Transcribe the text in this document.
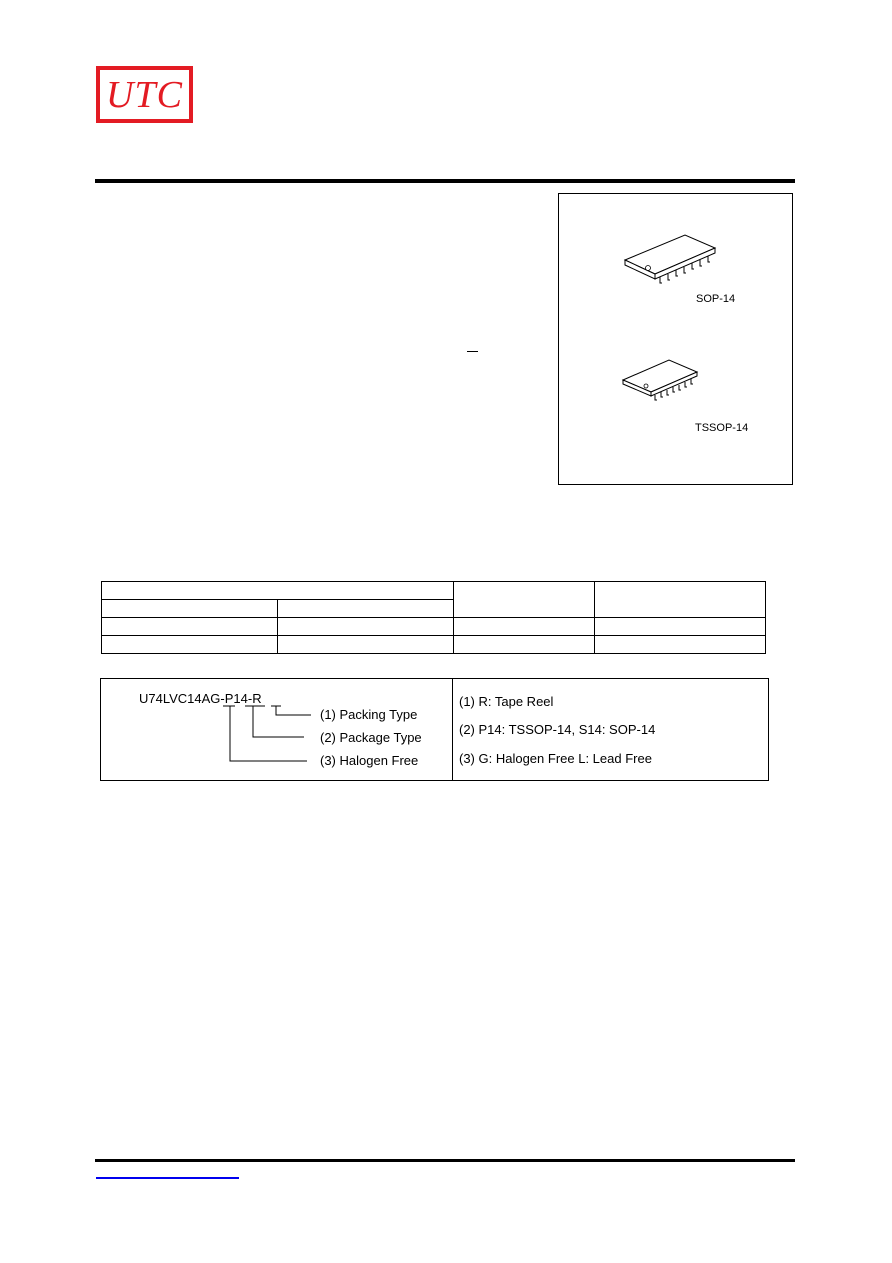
UTC
SOP-14
TSSOP-14

U74LVC14AG-P14-R
(1) Packing Type
(2) Package Type
(3) Halogen Free
(1) R: Tape Reel
(2) P14: TSSOP-14, S14: SOP-14
(3) G: Halogen Free L: Lead Free
